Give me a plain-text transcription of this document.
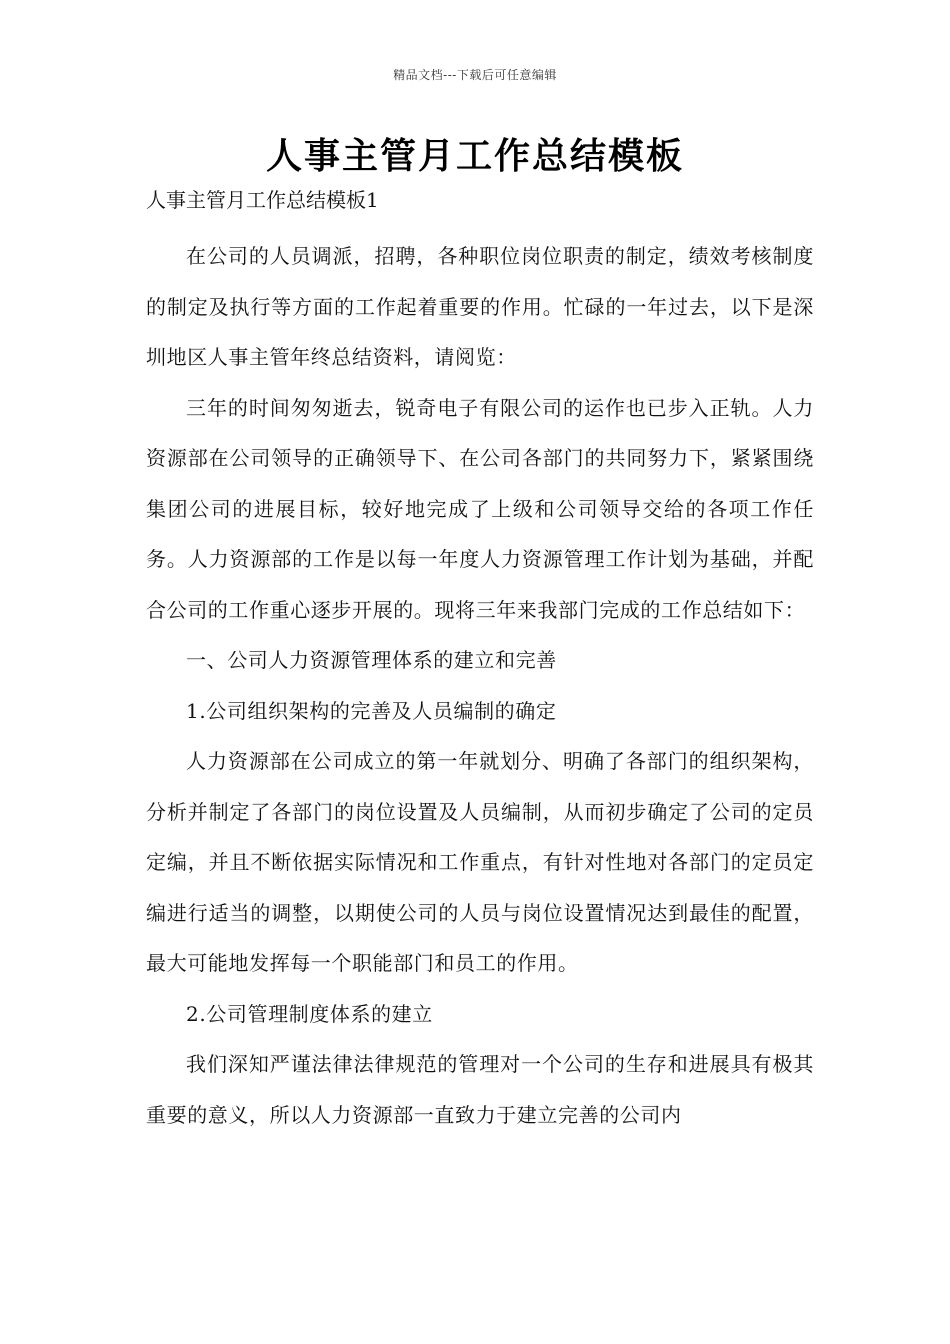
精品文档---下载后可任意编辑
人事主管月工作总结模板

人事主管月工作总结模板1

在公司的人员调派，招聘，各种职位岗位职责的制定，绩效考核制度的制定及执行等方面的工作起着重要的作用。忙碌的一年过去，以下是深圳地区人事主管年终总结资料，请阅览：

三年的时间匆匆逝去，锐奇电子有限公司的运作也已步入正轨。人力资源部在公司领导的正确领导下、在公司各部门的共同努力下，紧紧围绕集团公司的进展目标，较好地完成了上级和公司领导交给的各项工作任务。人力资源部的工作是以每一年度人力资源管理工作计划为基础，并配合公司的工作重心逐步开展的。现将三年来我部门完成的工作总结如下：

一、公司人力资源管理体系的建立和完善

1.公司组织架构的完善及人员编制的确定

人力资源部在公司成立的第一年就划分、明确了各部门的组织架构，分析并制定了各部门的岗位设置及人员编制，从而初步确定了公司的定员定编，并且不断依据实际情况和工作重点，有针对性地对各部门的定员定编进行适当的调整，以期使公司的人员与岗位设置情况达到最佳的配置，最大可能地发挥每一个职能部门和员工的作用。

2.公司管理制度体系的建立

我们深知严谨法律法律规范的管理对一个公司的生存和进展具有极其重要的意义，所以人力资源部一直致力于建立完善的公司内
